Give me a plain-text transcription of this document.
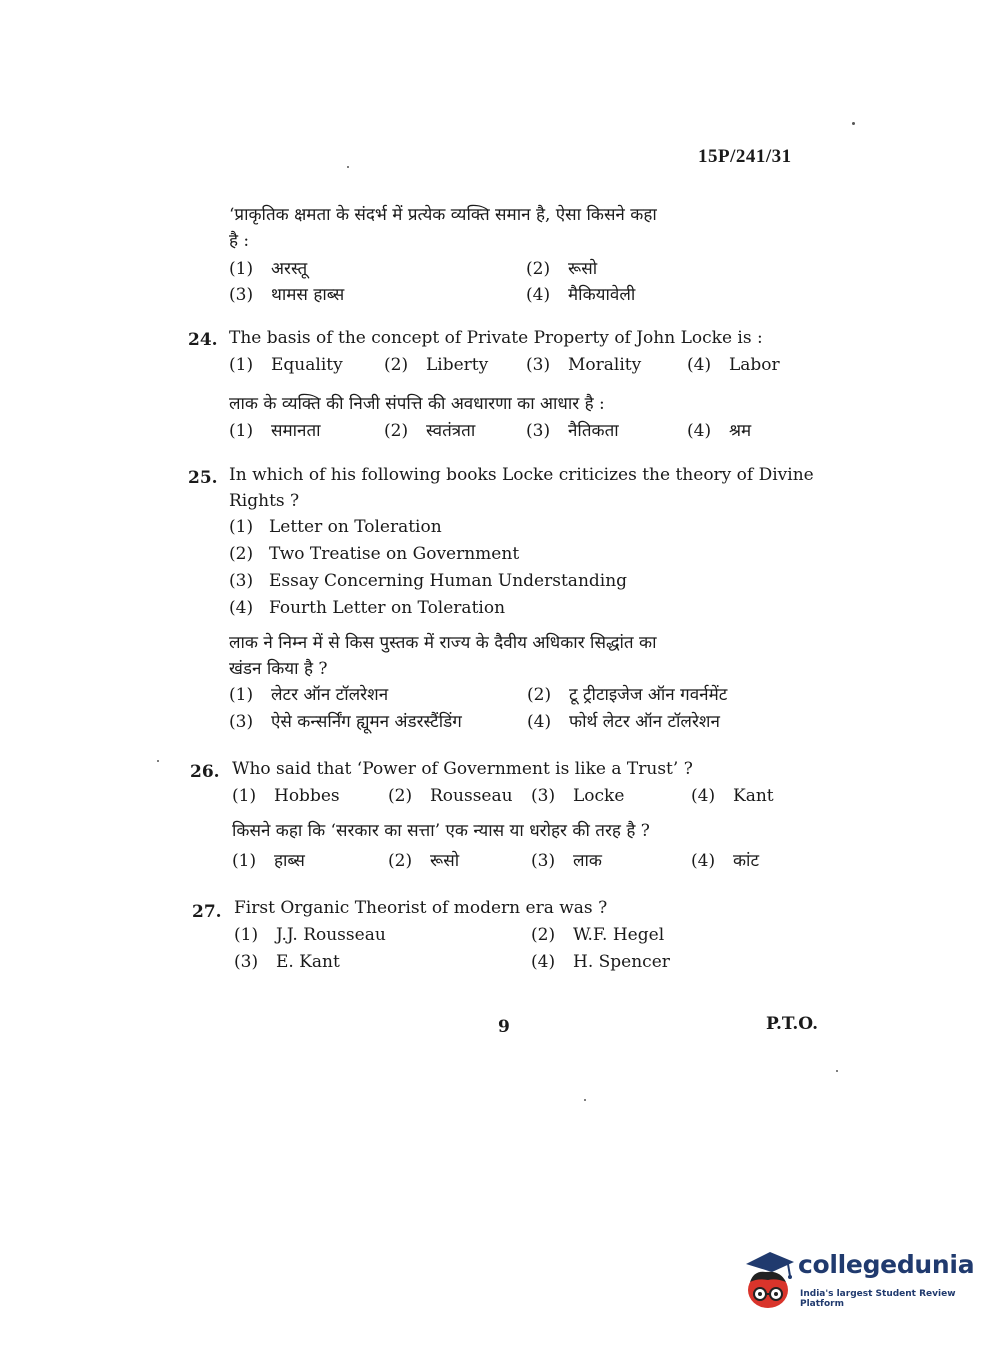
15P/241/31
‘प्राकृतिक क्षमता के संदर्भ में प्रत्येक व्यक्ति समान है, ऐसा किसने कहा
है :
(1) अरस्तू	(2) रूसो
(3) थामस हाब्स	(4) मैकियावेली
24. The basis of the concept of Private Property of John Locke is :
(1) Equality (2) Liberty (3) Morality	(4) Labor
लाक के व्यक्ति की निजी संपत्ति की अवधारणा का आधार है :
(1) समानता	(2) स्वतंत्रता	(3) नैतिकता	(4) श्रम
25. In which of his following books Locke criticizes the theory of Divine
Rights ?
(1) Letter on Toleration
(2) Two Treatise on Government
(3) Essay Concerning Human Understanding
(4) Fourth Letter on Toleration
लाक ने निम्न में से किस पुस्तक में राज्य के दैवीय अधिकार सिद्धांत का
खंडन किया है ?
(1) लेटर ऑन टॉलरेशन	(2) टू ट्रीटाइजेज ऑन गवर्नमेंट
(3) ऐसे कन्सर्निंग ह्यूमन अंडरस्टैंडिंग	(4) फोर्थ लेटर ऑन टॉलरेशन
26. Who said that ‘Power of Government is like a Trust’ ?
(1) Hobbes	(2) Rousseau (3) Locke	(4) Kant
किसने कहा कि ‘सरकार का सत्ता’ एक न्यास या धरोहर की तरह है ?
(1) हाब्स	(2) रूसो	(3) लाक	(4) कांट
27. First Organic Theorist of modern era was ?
(1) J.J. Rousseau	(2) W.F. Hegel
(3) E. Kant	(4) H. Spencer
9	P.T.O.
collegedunia
India's largest Student Review Platform
